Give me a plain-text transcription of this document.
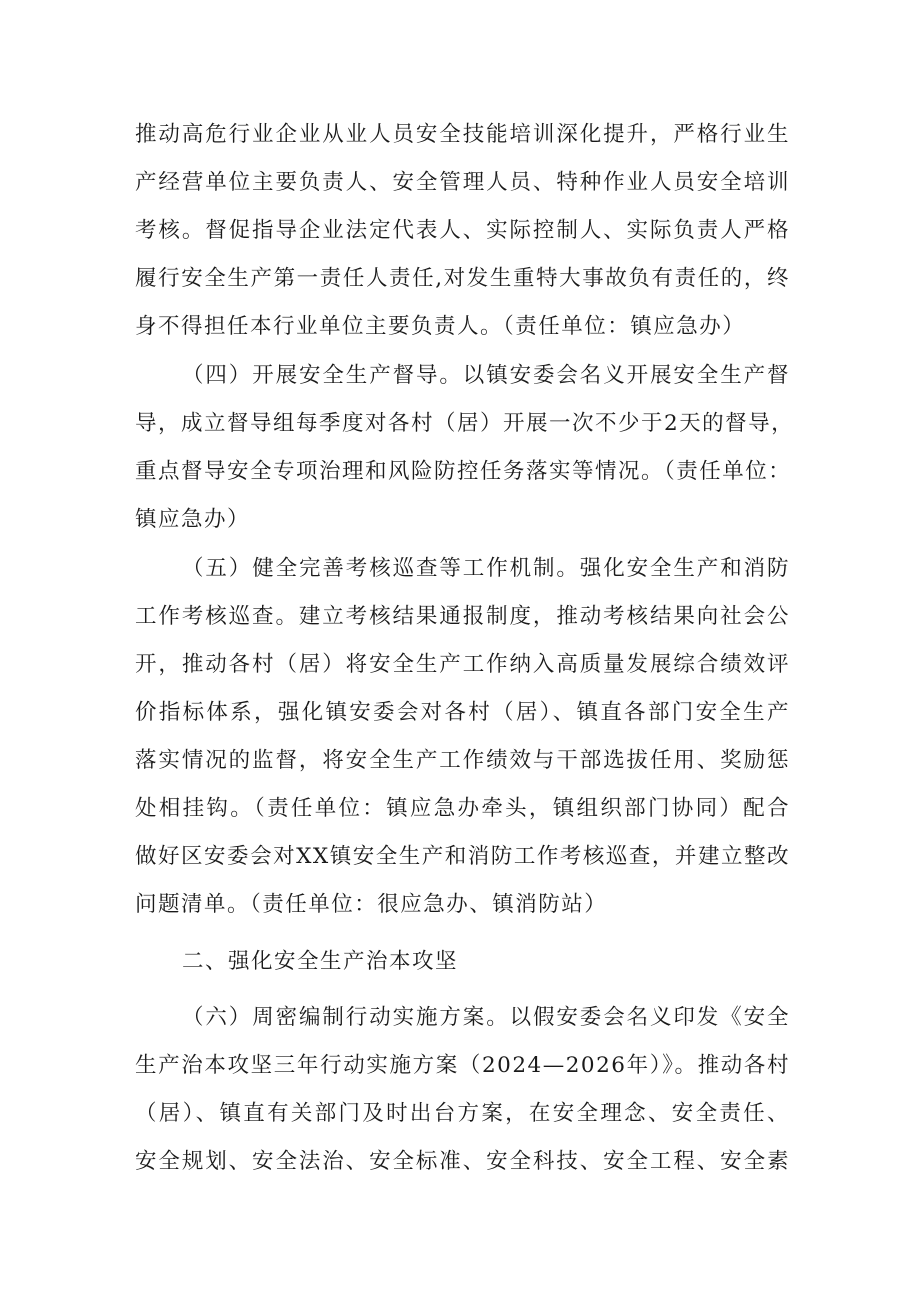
推动高危行业企业从业人员安全技能培训深化提升，严格行业生
产经营单位主要负责人、安全管理人员、特种作业人员安全培训
考核。督促指导企业法定代表人、实际控制人、实际负责人严格
履行安全生产第一责任人责任,对发生重特大事故负有责任的，终
身不得担任本行业单位主要负责人。（责任单位：镇应急办）
（四）开展安全生产督导。以镇安委会名义开展安全生产督
导，成立督导组每季度对各村（居）开展一次不少于2天的督导，
重点督导安全专项治理和风险防控任务落实等情况。（责任单位：
镇应急办）
（五）健全完善考核巡查等工作机制。强化安全生产和消防
工作考核巡查。建立考核结果通报制度，推动考核结果向社会公
开，推动各村（居）将安全生产工作纳入高质量发展综合绩效评
价指标体系，强化镇安委会对各村（居）、镇直各部门安全生产
落实情况的监督，将安全生产工作绩效与干部选拔任用、奖励惩
处相挂钩。（责任单位：镇应急办牵头，镇组织部门协同）配合
做好区安委会对XX镇安全生产和消防工作考核巡查，并建立整改
问题清单。（责任单位：很应急办、镇消防站）
二、强化安全生产治本攻坚
（六）周密编制行动实施方案。以假安委会名义印发《安全
生产治本攻坚三年行动实施方案（2024—2026年）》。推动各村
（居）、镇直有关部门及时出台方案，在安全理念、安全责任、
安全规划、安全法治、安全标准、安全科技、安全工程、安全素
